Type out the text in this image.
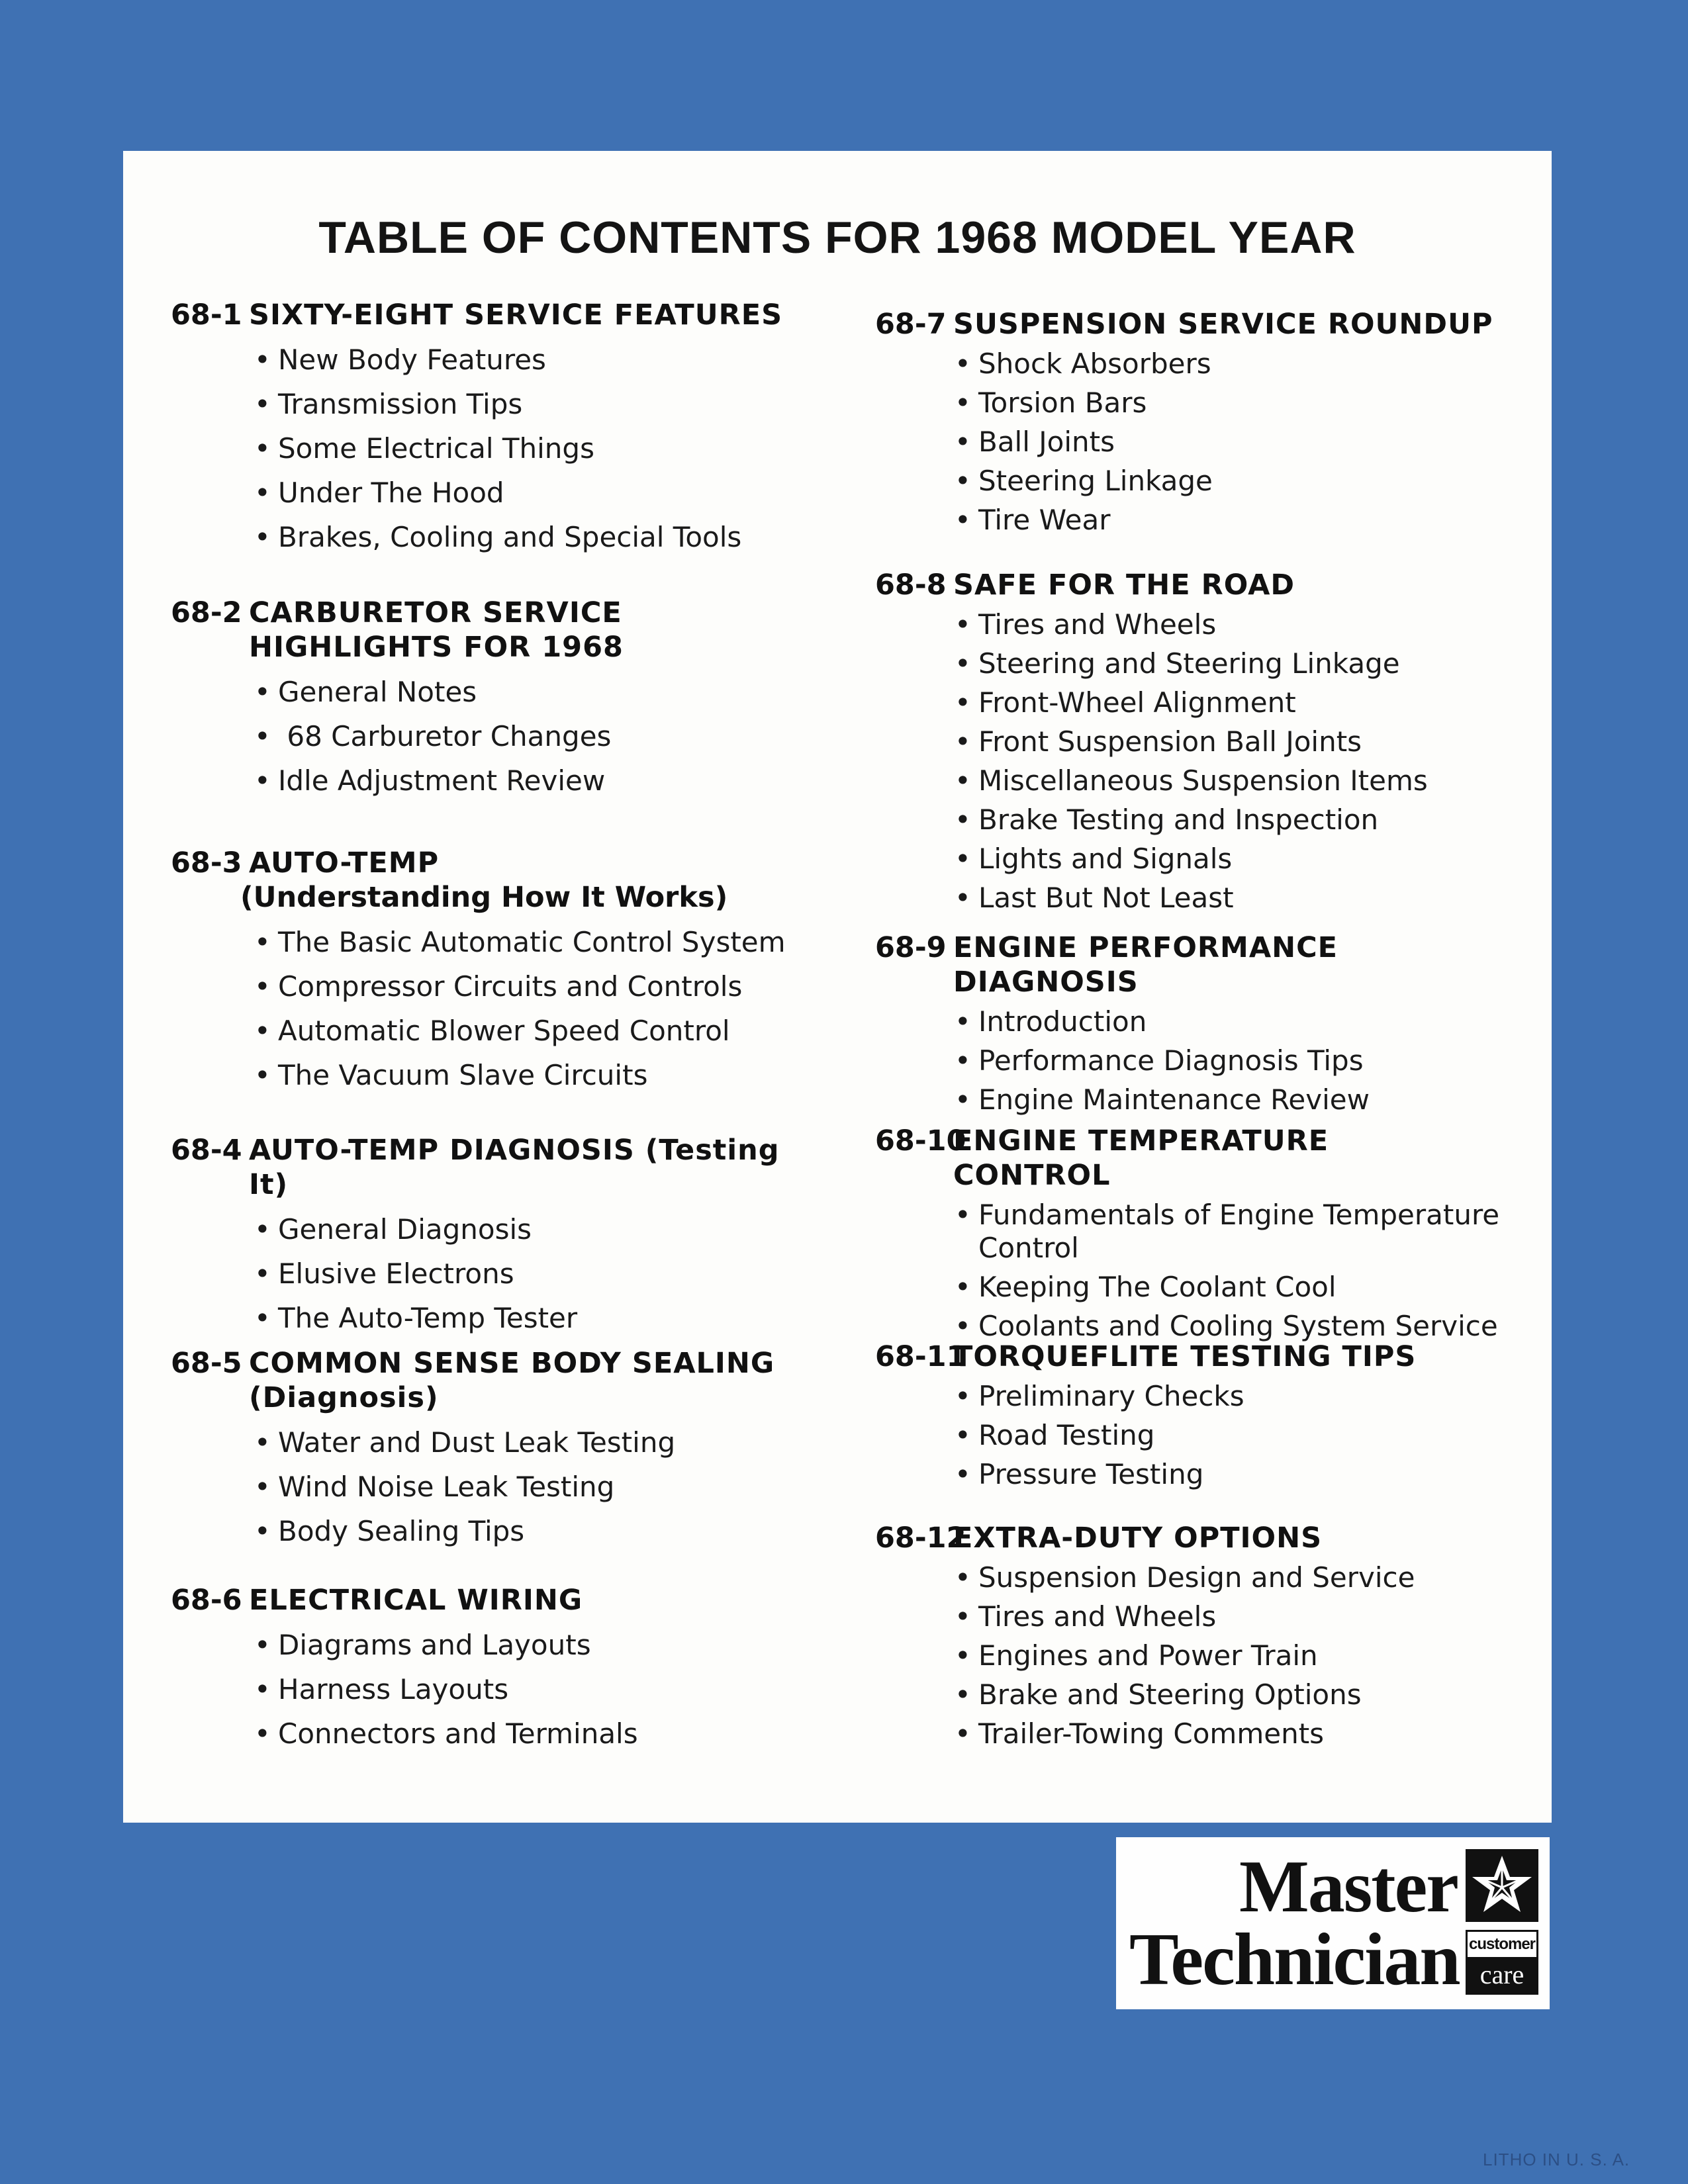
TABLE OF CONTENTS FOR 1968 MODEL YEAR
68-1 SIXTY-EIGHT SERVICE FEATURES
• New Body Features
• Transmission Tips
• Some Electrical Things
• Under The Hood
• Brakes, Cooling and Special Tools
68-2 CARBURETOR SERVICE HIGHLIGHTS FOR 1968
• General Notes
• 68 Carburetor Changes
• Idle Adjustment Review
68-3 AUTO-TEMP
(Understanding How It Works)
• The Basic Automatic Control System
• Compressor Circuits and Controls
• Automatic Blower Speed Control
• The Vacuum Slave Circuits
68-4 AUTO-TEMP DIAGNOSIS (Testing It)
• General Diagnosis
• Elusive Electrons
• The Auto-Temp Tester
68-5 COMMON SENSE BODY SEALING (Diagnosis)
• Water and Dust Leak Testing
• Wind Noise Leak Testing
• Body Sealing Tips
68-6 ELECTRICAL WIRING
• Diagrams and Layouts
• Harness Layouts
• Connectors and Terminals
68-7 SUSPENSION SERVICE ROUNDUP
• Shock Absorbers
• Torsion Bars
• Ball Joints
• Steering Linkage
• Tire Wear
68-8 SAFE FOR THE ROAD
• Tires and Wheels
• Steering and Steering Linkage
• Front-Wheel Alignment
• Front Suspension Ball Joints
• Miscellaneous Suspension Items
• Brake Testing and Inspection
• Lights and Signals
• Last But Not Least
68-9 ENGINE PERFORMANCE DIAGNOSIS
• Introduction
• Performance Diagnosis Tips
• Engine Maintenance Review
68-10
ENGINE TEMPERATURE CONTROL
• Fundamentals of Engine Temperature Control
• Keeping The Coolant Cool
• Coolants and Cooling System Service
68-11
TORQUEFLITE TESTING TIPS
• Preliminary Checks
• Road Testing
• Pressure Testing
68-12
EXTRA-DUTY OPTIONS
• Suspension Design and Service
• Tires and Wheels
• Engines and Power Train
• Brake and Steering Options
• Trailer-Towing Comments
Master
Technician customer
care
LITHO IN U. S. A.
